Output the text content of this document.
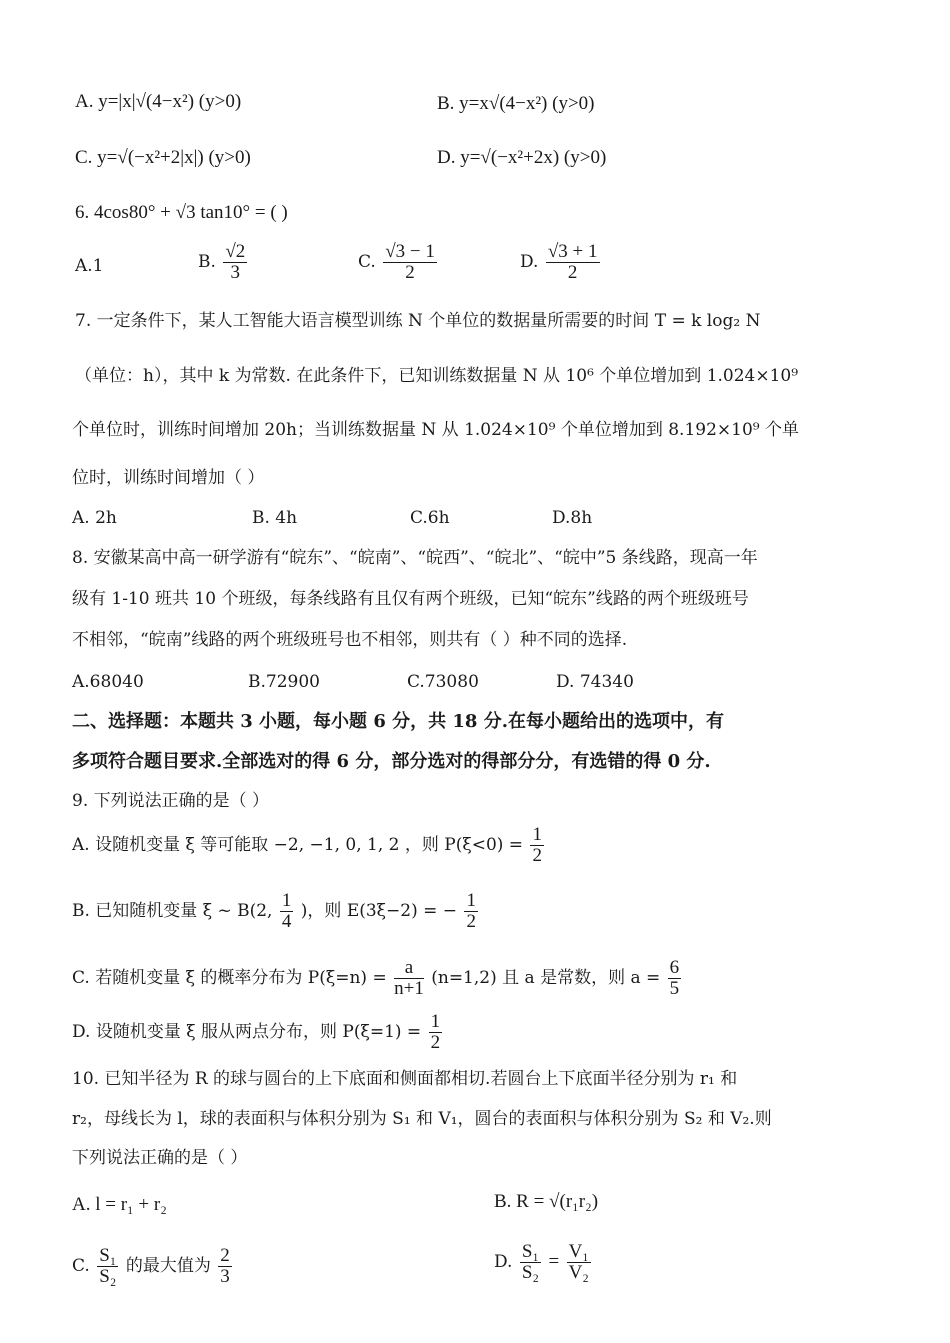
A. y=|x|√(4−x²) (y>0)	B. y=x√(4−x²) (y>0)
C. y=√(−x²+2|x|) (y>0)	D. y=√(−x²+2x) (y>0)
6. 4cos80° + √3 tan10° = ( )
A.1	B. $\frac{√2}{3}$	C. $\frac{√3 - 1}{2}$	D. $\frac{√3 + 1}{2}$
7. 一定条件下，某人工智能大语言模型训练 N 个单位的数据量所需要的时间 T = k log₂ N
（单位：h），其中 k 为常数. 在此条件下，已知训练数据量 N 从 10⁶ 个单位增加到 1.024×10⁹
个单位时，训练时间增加 20h；当训练数据量 N 从 1.024×10⁹ 个单位增加到 8.192×10⁹ 个单
位时，训练时间增加（ ）
A. 2h	B. 4h	C.6h	D.8h
8. 安徽某高中高一研学游有“皖东”、“皖南”、“皖西”、“皖北”、“皖中”5 条线路，现高一年
级有 1-10 班共 10 个班级，每条线路有且仅有两个班级，已知“皖东”线路的两个班级班号
不相邻，“皖南”线路的两个班级班号也不相邻，则共有（ ）种不同的选择.
A.68040	B.72900	C.73080	D. 74340
二、选择题：本题共 3 小题，每小题 6 分，共 18 分.在每小题给出的选项中，有
多项符合题目要求.全部选对的得 6 分，部分选对的得部分分，有选错的得 0 分.
9. 下列说法正确的是（ ）
A. 设随机变量 ξ 等可能取 −2, −1, 0, 1, 2 ，则 $P(\xi<0) = \frac{1}{2}$
B. 已知随机变量 ξ ~ B(2, $\frac{1}{4}$ )，则 E(3ξ−2) = − $\frac{1}{2}$
C. 若随机变量 ξ 的概率分布为 $P(\xi=n) = \frac{a}{n+1} (n=1,2)$ 且 a 是常数，则 $a = \frac{6}{5}$
D. 设随机变量 ξ 服从两点分布，则 $P(\xi=1) = \frac{1}{2}$
10. 已知半径为 R 的球与圆台的上下底面和侧面都相切.若圆台上下底面半径分别为 r₁ 和
r₂，母线长为 l，球的表面积与体积分别为 S₁ 和 V₁，圆台的表面积与体积分别为 S₂ 和 V₂.则
下列说法正确的是（ ）
A. l = r₁ + r₂	B. R = √(r₁r₂)
C. $\frac{\text{S₁}}{\text{S₂}}$ 的最大值为 $\frac{2}{3}$	D. $\frac{\text{S₁}}{\text{S₂}} = \frac{\text{V₁}}{\text{V₂}}$
